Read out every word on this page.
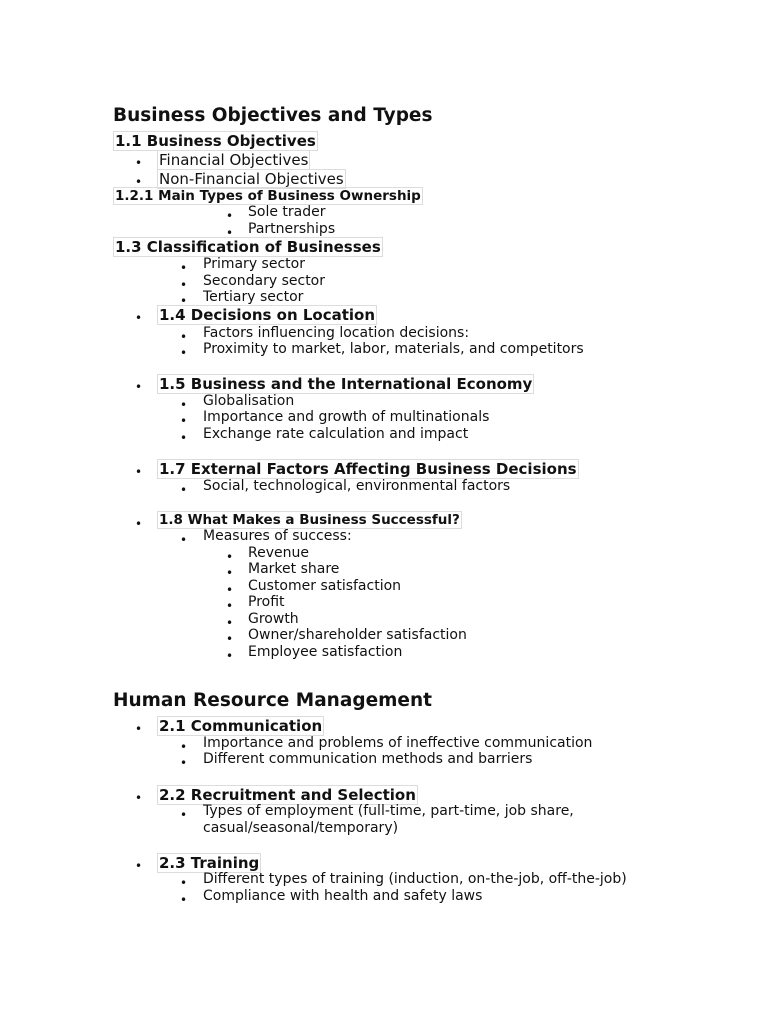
Business Objectives and Types
1.1 Business Objectives
• Financial Objectives
• Non-Financial Objectives
1.2.1 Main Types of Business Ownership
• Sole trader
• Partnerships
1.3 Classification of Businesses
• Primary sector
• Secondary sector
• Tertiary sector
• 1.4 Decisions on Location
• Factors influencing location decisions:
• Proximity to market, labor, materials, and competitors
• 1.5 Business and the International Economy
• Globalisation
• Importance and growth of multinationals
• Exchange rate calculation and impact
• 1.7 External Factors Affecting Business Decisions
• Social, technological, environmental factors
• 1.8 What Makes a Business Successful?
• Measures of success:
• Revenue
• Market share
• Customer satisfaction
• Profit
• Growth
• Owner/shareholder satisfaction
• Employee satisfaction
Human Resource Management
• 2.1 Communication
• Importance and problems of ineffective communication
• Different communication methods and barriers
• 2.2 Recruitment and Selection
• Types of employment (full-time, part-time, job share,
casual/seasonal/temporary)
• 2.3 Training
• Different types of training (induction, on-the-job, off-the-job)
• Compliance with health and safety laws
